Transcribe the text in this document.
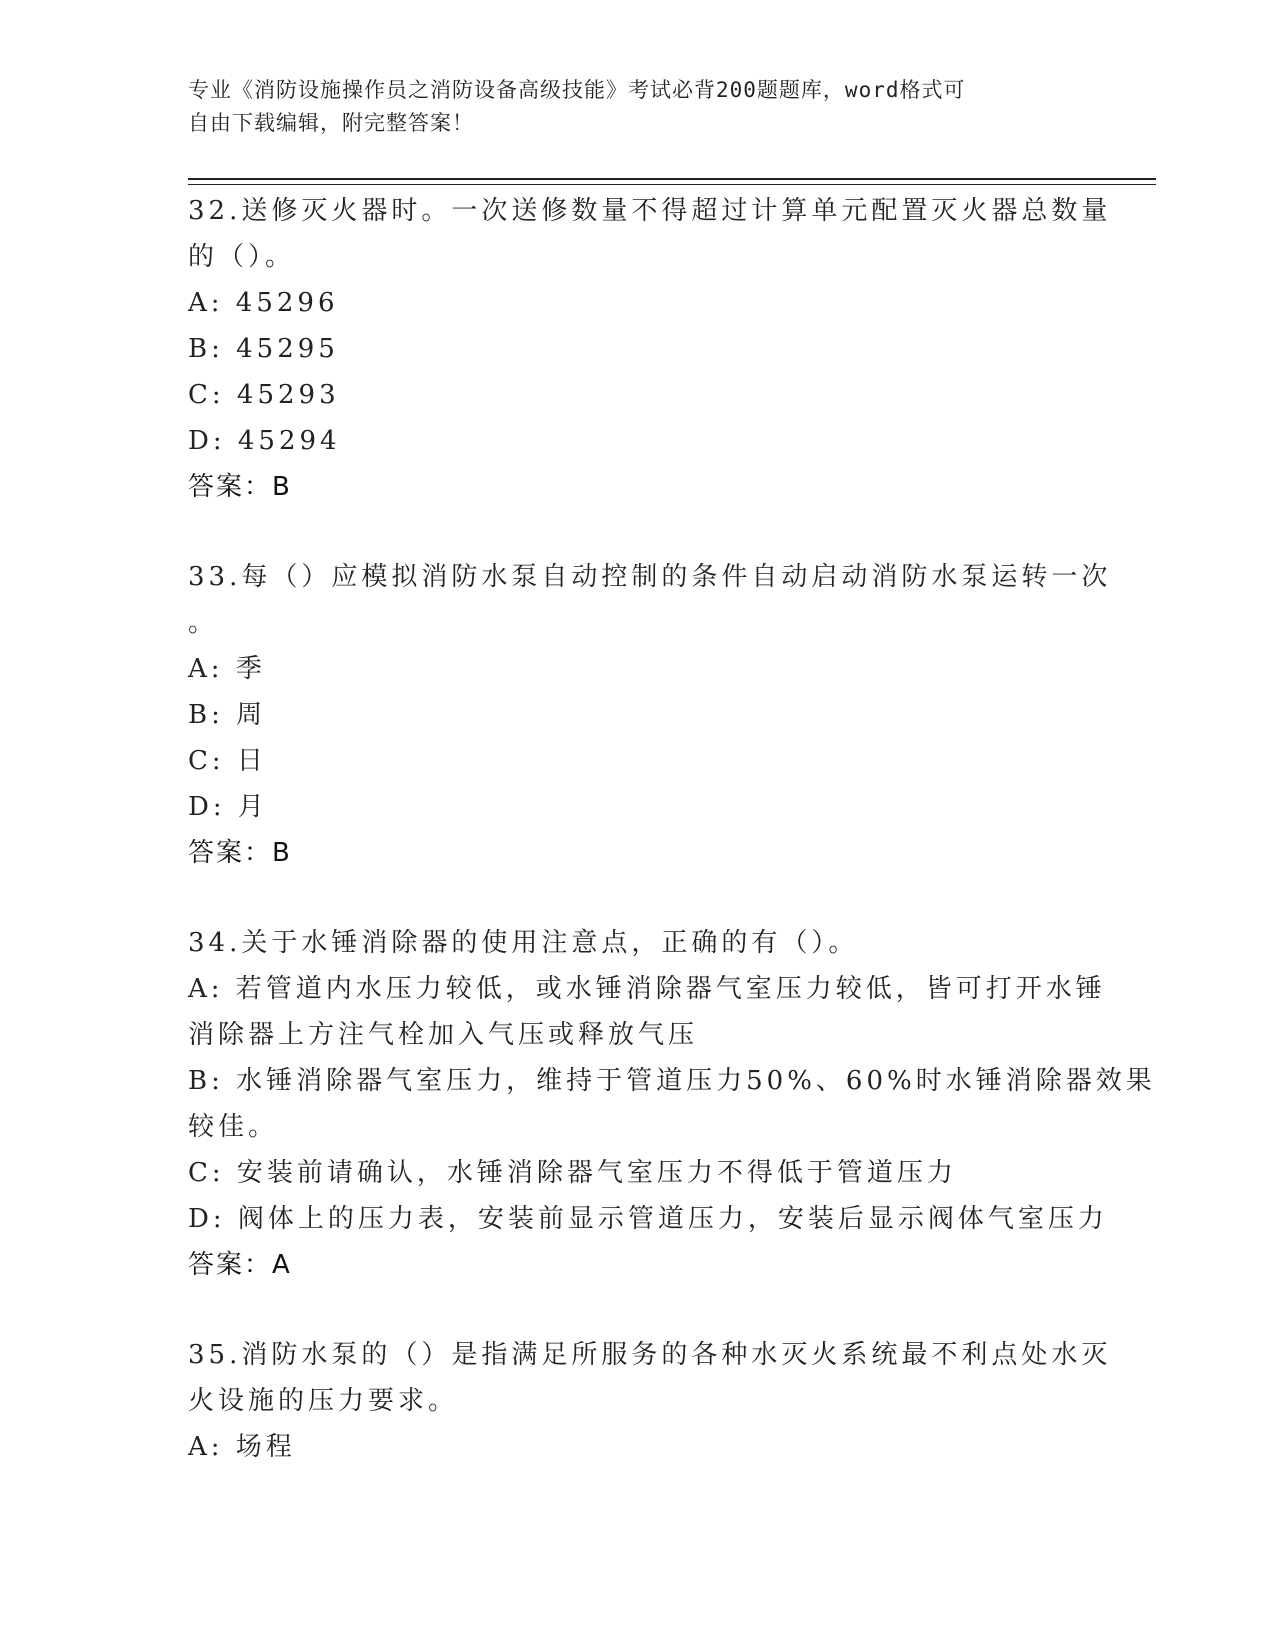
专业《消防设施操作员之消防设备高级技能》考试必背200题题库，word格式可
自由下载编辑，附完整答案！
32.送修灭火器时。一次送修数量不得超过计算单元配置灭火器总数量
的（）。
A: 45296
B: 45295
C: 45293
D: 45294
答案：B
33.每（）应模拟消防水泵自动控制的条件自动启动消防水泵运转一次
。
A: 季
B: 周
C: 日
D: 月
答案：B
34.关于水锤消除器的使用注意点，正确的有（）。
A: 若管道内水压力较低，或水锤消除器气室压力较低，皆可打开水锤
消除器上方注气栓加入气压或释放气压
B: 水锤消除器气室压力，维持于管道压力50%、60%时水锤消除器效果
较佳。
C: 安装前请确认，水锤消除器气室压力不得低于管道压力
D: 阀体上的压力表，安装前显示管道压力，安装后显示阀体气室压力
答案：A
35.消防水泵的（）是指满足所服务的各种水灭火系统最不利点处水灭
火设施的压力要求。
A: 场程
